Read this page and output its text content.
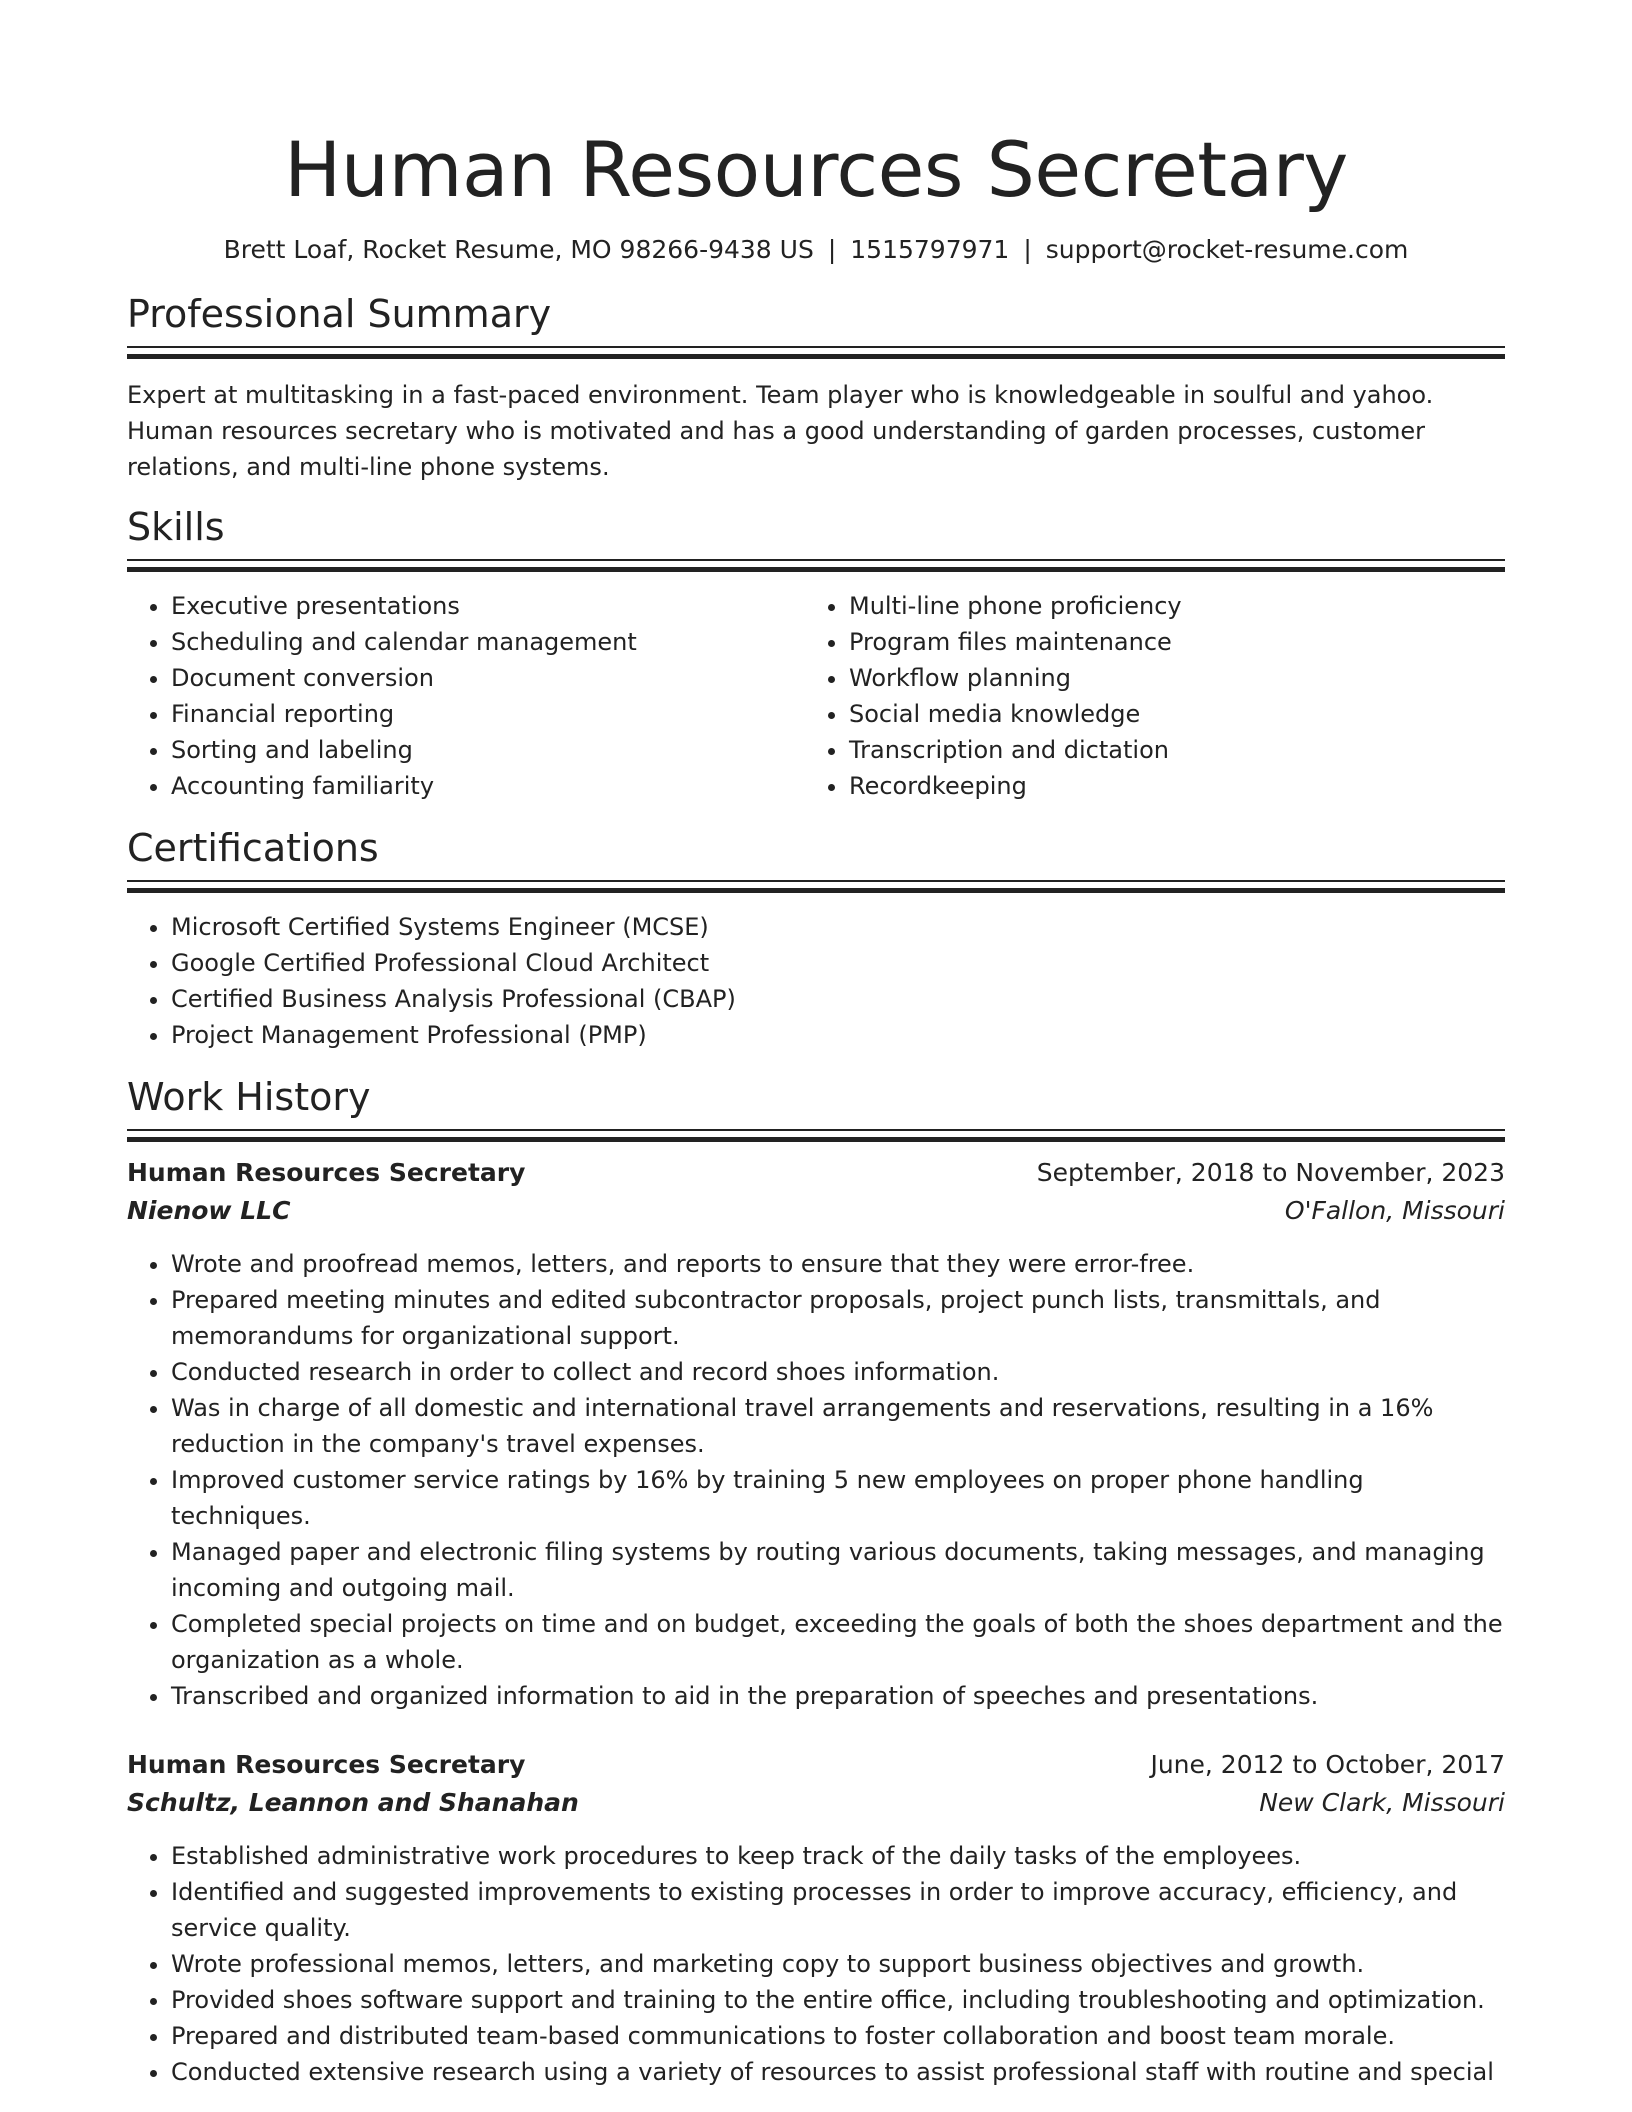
Human Resources Secretary
Brett Loaf, Rocket Resume, MO 98266-9438 US | 1515797971 | support@rocket-resume.com
Professional Summary

Expert at multitasking in a fast-paced environment. Team player who is knowledgeable in soulful and yahoo. Human resources secretary who is motivated and has a good understanding of garden processes, customer relations, and multi-line phone systems.

Skills
• Executive presentations
• Scheduling and calendar management
• Document conversion
• Financial reporting
• Sorting and labeling
• Accounting familiarity
• Multi-line phone proficiency
• Program files maintenance
• Workflow planning
• Social media knowledge
• Transcription and dictation
• Recordkeeping
Certifications
• Microsoft Certified Systems Engineer (MCSE)
• Google Certified Professional Cloud Architect
• Certified Business Analysis Professional (CBAP)
• Project Management Professional (PMP)
Work History
Human Resources Secretary	September, 2018 to November, 2023
Nienow LLC	O'Fallon, Missouri
• Wrote and proofread memos, letters, and reports to ensure that they were error-free.
• Prepared meeting minutes and edited subcontractor proposals, project punch lists, transmittals, and memorandums for organizational support.
• Conducted research in order to collect and record shoes information.
• Was in charge of all domestic and international travel arrangements and reservations, resulting in a 16% reduction in the company's travel expenses.
• Improved customer service ratings by 16% by training 5 new employees on proper phone handling techniques.
• Managed paper and electronic filing systems by routing various documents, taking messages, and managing incoming and outgoing mail.
• Completed special projects on time and on budget, exceeding the goals of both the shoes department and the organization as a whole.
• Transcribed and organized information to aid in the preparation of speeches and presentations.
Human Resources Secretary	June, 2012 to October, 2017
Schultz, Leannon and Shanahan	New Clark, Missouri
• Established administrative work procedures to keep track of the daily tasks of the employees.
• Identified and suggested improvements to existing processes in order to improve accuracy, efficiency, and service quality.
• Wrote professional memos, letters, and marketing copy to support business objectives and growth.
• Provided shoes software support and training to the entire office, including troubleshooting and optimization.
• Prepared and distributed team-based communications to foster collaboration and boost team morale.
• Conducted extensive research using a variety of resources to assist professional staff with routine and special
